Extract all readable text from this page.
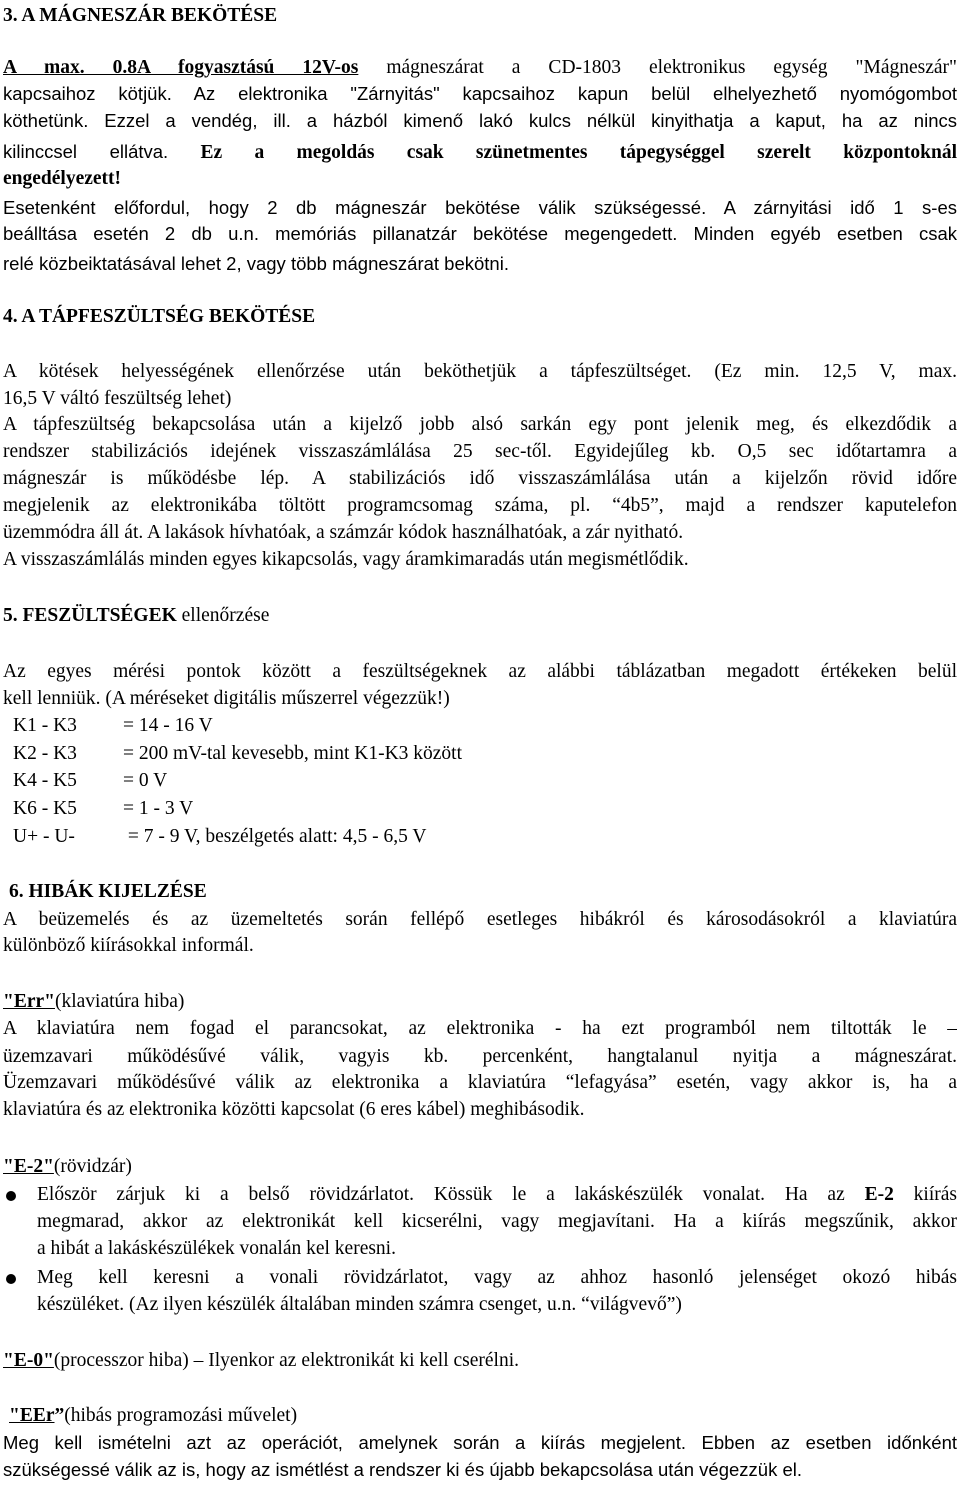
3. A MÁGNESZÁR BEKÖTÉSE
A max. 0.8A fogyasztású 12V-os mágneszárat a CD-1803 elektronikus egység "Mágneszár"
kapcsaihoz kötjük. Az elektronika "Zárnyitás" kapcsaihoz kapun belül elhelyezhető nyomógombot
köthetünk. Ezzel a vendég, ill. a házból kimenő lakó kulcs nélkül kinyithatja a kaput, ha az nincs
kilinccsel ellátva. Ez a megoldás csak szünetmentes tápegységgel szerelt központoknál
engedélyezett!
Esetenként előfordul, hogy 2 db mágneszár bekötése válik szükségessé. A zárnyitási idő 1 s-es
beálltása esetén 2 db u.n. memóriás pillanatzár bekötése megengedett. Minden egyéb esetben csak
relé közbeiktatásával lehet 2, vagy több mágneszárat bekötni.
4. A TÁPFESZÜLTSÉG BEKÖTÉSE
A kötések helyességének ellenőrzése után beköthetjük a tápfeszültséget. (Ez min. 12,5 V, max.
16,5 V váltó feszültség lehet)
A tápfeszültség bekapcsolása után a kijelző jobb alsó sarkán egy pont jelenik meg, és elkezdődik a
rendszer stabilizációs idejének visszaszámlálása 25 sec-től. Egyidejűleg kb. O,5 sec időtartamra a
mágneszár is működésbe lép. A stabilizációs idő visszaszámlálása után a kijelzőn rövid időre
megjelenik az elektronikába töltött programcsomag száma, pl. “4b5”, majd a rendszer kaputelefon
üzemmódra áll át. A lakások hívhatóak, a számzár kódok használhatóak, a zár nyitható.
A visszaszámlálás minden egyes kikapcsolás, vagy áramkimaradás után megismétlődik.
5. FESZÜLTSÉGEK ellenőrzése
Az egyes mérési pontok között a feszültségeknek az alábbi táblázatban megadott értékeken belül
kell lenniük. (A méréseket digitális műszerrel végezzük!)
K1 - K3 = 14 - 16 V
K2 - K3 = 200 mV-tal kevesebb, mint K1-K3 között
K4 - K5 = 0 V
K6 - K5 = 1 - 3 V
U+ - U- = 7 - 9 V, beszélgetés alatt: 4,5 - 6,5 V
6. HIBÁK KIJELZÉSE
A beüzemelés és az üzemeltetés során fellépő esetleges hibákról és károsodásokról a klaviatúra
különböző kiírásokkal informál.
"Err"(klaviatúra hiba)
A klaviatúra nem fogad el parancsokat, az elektronika - ha ezt programból nem tiltották le –
üzemzavari működésűvé válik, vagyis kb. percenként, hangtalanul nyitja a mágneszárat.
Üzemzavari működésűvé válik az elektronika a klaviatúra “lefagyása” esetén, vagy akkor is, ha a
klaviatúra és az elektronika közötti kapcsolat (6 eres kábel) meghibásodik.
"E-2"(rövidzár)
Először zárjuk ki a belső rövidzárlatot. Kössük le a lakáskészülék vonalat. Ha az E-2 kiírás
megmarad, akkor az elektronikát kell kicserélni, vagy megjavítani. Ha a kiírás megszűnik, akkor
a hibát a lakáskészülékek vonalán kel keresni.
Meg kell keresni a vonali rövidzárlatot, vagy az ahhoz hasonló jelenséget okozó hibás
készüléket. (Az ilyen készülék általában minden számra csenget, u.n. “világvevő”)
"E-0"(processzor hiba) – Ilyenkor az elektronikát ki kell cserélni.
"EEr”(hibás programozási művelet)
Meg kell ismételni azt az operációt, amelynek során a kiírás megjelent. Ebben az esetben időnként
szükségessé válik az is, hogy az ismétlést a rendszer ki és újabb bekapcsolása után végezzük el.
